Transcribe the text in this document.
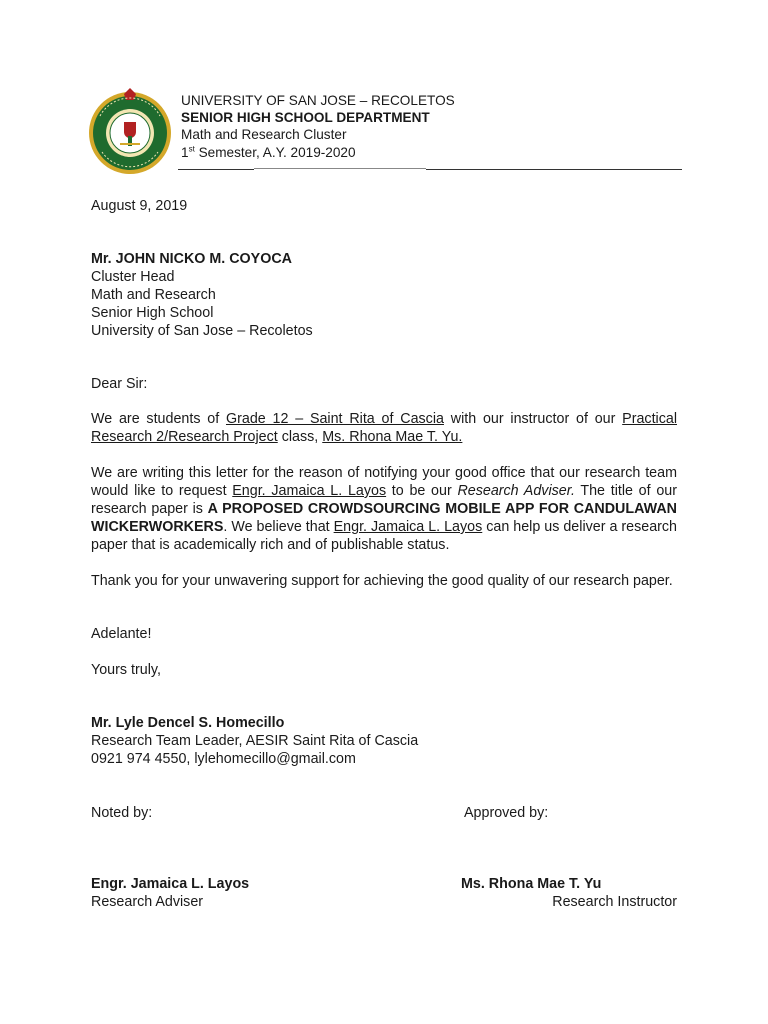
UNIVERSITY OF SAN JOSE – RECOLETOS
SENIOR HIGH SCHOOL DEPARTMENT
Math and Research Cluster
1st Semester, A.Y. 2019-2020
August 9, 2019
Mr. JOHN NICKO M. COYOCA
Cluster Head
Math and Research
Senior High School
University of San Jose – Recoletos
Dear Sir:

We are students of Grade 12 – Saint Rita of Cascia with our instructor of our Practical Research 2/Research Project class, Ms. Rhona Mae T. Yu.

We are writing this letter for the reason of notifying your good office that our research team would like to request Engr. Jamaica L. Layos to be our Research Adviser. The title of our research paper is A PROPOSED CROWDSOURCING MOBILE APP FOR CANDULAWAN WICKERWORKERS. We believe that Engr. Jamaica L. Layos can help us deliver a research paper that is academically rich and of publishable status.

Thank you for your unwavering support for achieving the good quality of our research paper.

Adelante!
Yours truly,
Mr. Lyle Dencel S. Homecillo
Research Team Leader, AESIR Saint Rita of Cascia
0921 974 4550, lylehomecillo@gmail.com
Noted by:
Engr. Jamaica L. Layos
Research Adviser
Approved by:
Ms. Rhona Mae T. Yu
Research Instructor
